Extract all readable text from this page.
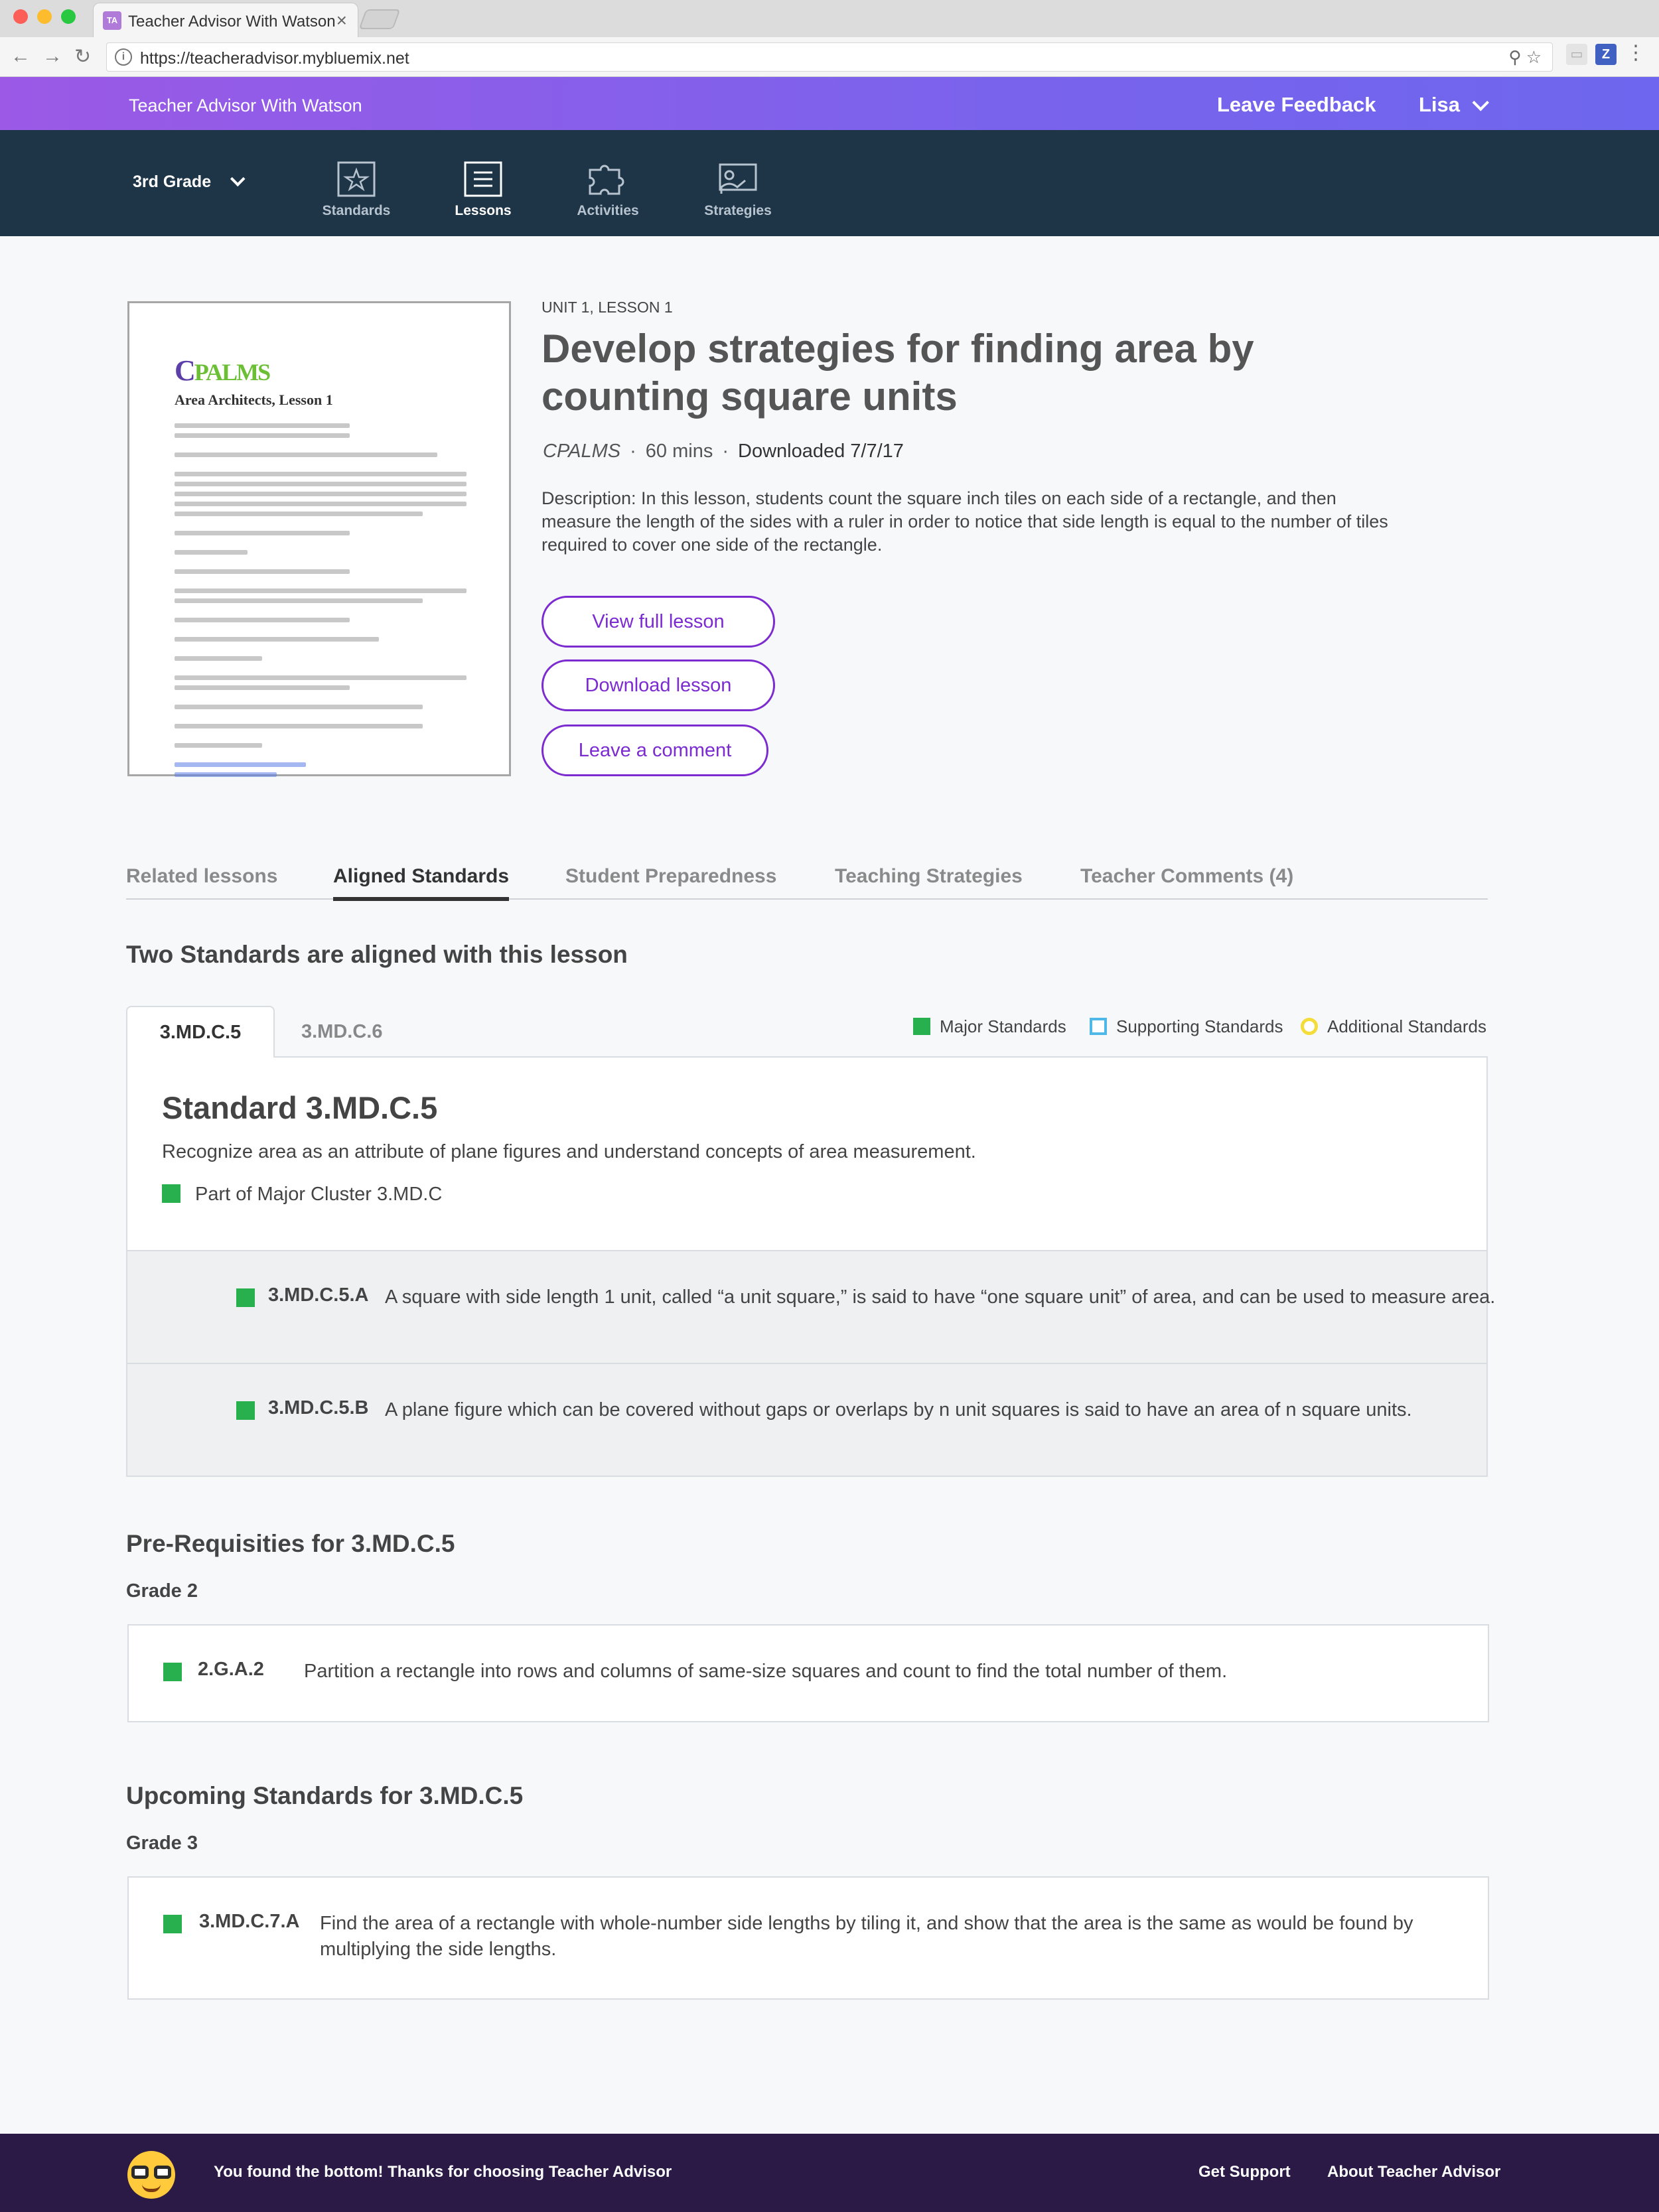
TA Teacher Advisor With Watson ×
← → ↻	i https://teacheradvisor.mybluemix.net	⚲ ☆	▭	Z ⋮
Teacher Advisor With Watson	Leave Feedback Lisa
3rd Grade
Standards	Lessons	Activities	Strategies
CPALMS
Area Architects, Lesson 1
UNIT 1, LESSON 1
Develop strategies for finding area by counting square units
CPALMS · 60 mins · Downloaded 7/7/17

Description: In this lesson, students count the square inch tiles on each side of a rectangle, and then measure the length of the sides with a ruler in order to notice that side length is equal to the number of tiles required to cover one side of the rectangle.

View full lesson
Download lesson
Leave a comment
Related lessons	Aligned Standards	Student Preparedness	Teaching Strategies	Teacher Comments (4)
Two Standards are aligned with this lesson
3.MD.C.5	3.MD.C.6	Major Standards	Supporting Standards	Additional Standards
Standard 3.MD.C.5

Recognize area as an attribute of plane figures and understand concepts of area measurement.

Part of Major Cluster 3.MD.C
3.MD.C.5.A A square with side length 1 unit, called “a unit square,” is said to have “one square unit” of area, and can be used to measure area.
3.MD.C.5.B A plane figure which can be covered without gaps or overlaps by n unit squares is said to have an area of n square units.
Pre-Requisities for 3.MD.C.5
Grade 2
2.G.A.2 Partition a rectangle into rows and columns of same-size squares and count to find the total number of them.
Upcoming Standards for 3.MD.C.5
Grade 3
3.MD.C.7.A Find the area of a rectangle with whole-number side lengths by tiling it, and show that the area is the same as would be found by multiplying the side lengths.
You found the bottom! Thanks for choosing Teacher Advisor	Get Support About Teacher Advisor
